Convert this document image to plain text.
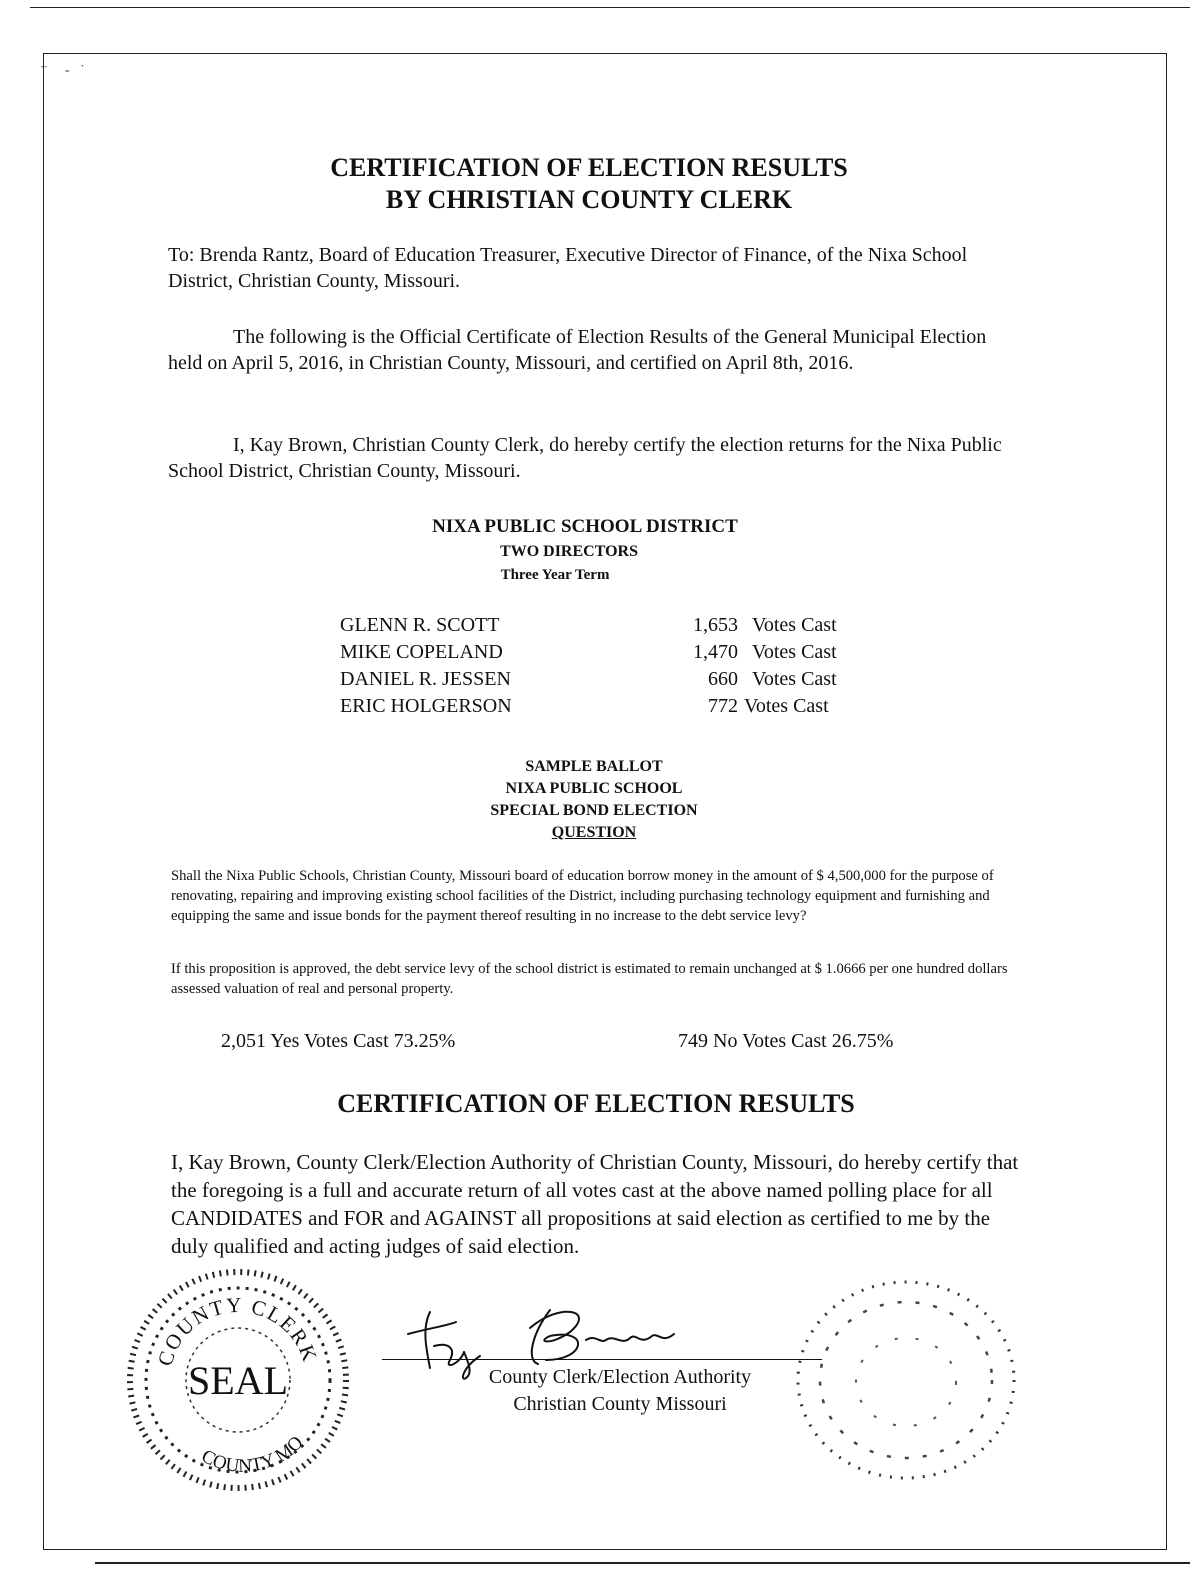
⁻     ‐   ˙
CERTIFICATION OF ELECTION RESULTS
BY CHRISTIAN COUNTY CLERK
To: Brenda Rantz, Board of Education Treasurer, Executive Director of Finance, of the Nixa School District, Christian County, Missouri.
The following is the Official Certificate of Election Results of the General Municipal Election held on April 5, 2016, in Christian County, Missouri, and certified on April 8th, 2016.
I, Kay Brown, Christian County Clerk, do hereby certify the election returns for the Nixa Public School District, Christian County, Missouri.
NIXA PUBLIC SCHOOL DISTRICT
TWO DIRECTORS
Three Year Term
GLENN R. SCOTT	1,653 Votes Cast
MIKE COPELAND	1,470 Votes Cast
DANIEL R. JESSEN	660 Votes Cast
ERIC HOLGERSON	772 Votes Cast
SAMPLE BALLOT
NIXA PUBLIC SCHOOL
SPECIAL BOND ELECTION
QUESTION
Shall the Nixa Public Schools, Christian County, Missouri board of education borrow money in the amount of $ 4,500,000 for the purpose of renovating, repairing and improving existing school facilities of the District, including purchasing technology equipment and furnishing and equipping the same and issue bonds for the payment thereof resulting in no increase to the debt service levy?
If this proposition is approved, the debt service levy of the school district is estimated to remain unchanged at $ 1.0666 per one hundred dollars assessed valuation of real and personal property.
2,051 Yes Votes Cast 73.25%	749 No Votes Cast 26.75%
CERTIFICATION OF ELECTION RESULTS
I, Kay Brown, County Clerk/Election Authority of Christian County, Missouri, do hereby certify that the foregoing is a full and accurate return of all votes cast at the above named polling place for all CANDIDATES and FOR and AGAINST all propositions at said election as certified to me by the duly qualified and acting judges of said election.
COUNTY CLERK
SEAL
COUNTY MO
County Clerk/Election Authority
Christian County Missouri
